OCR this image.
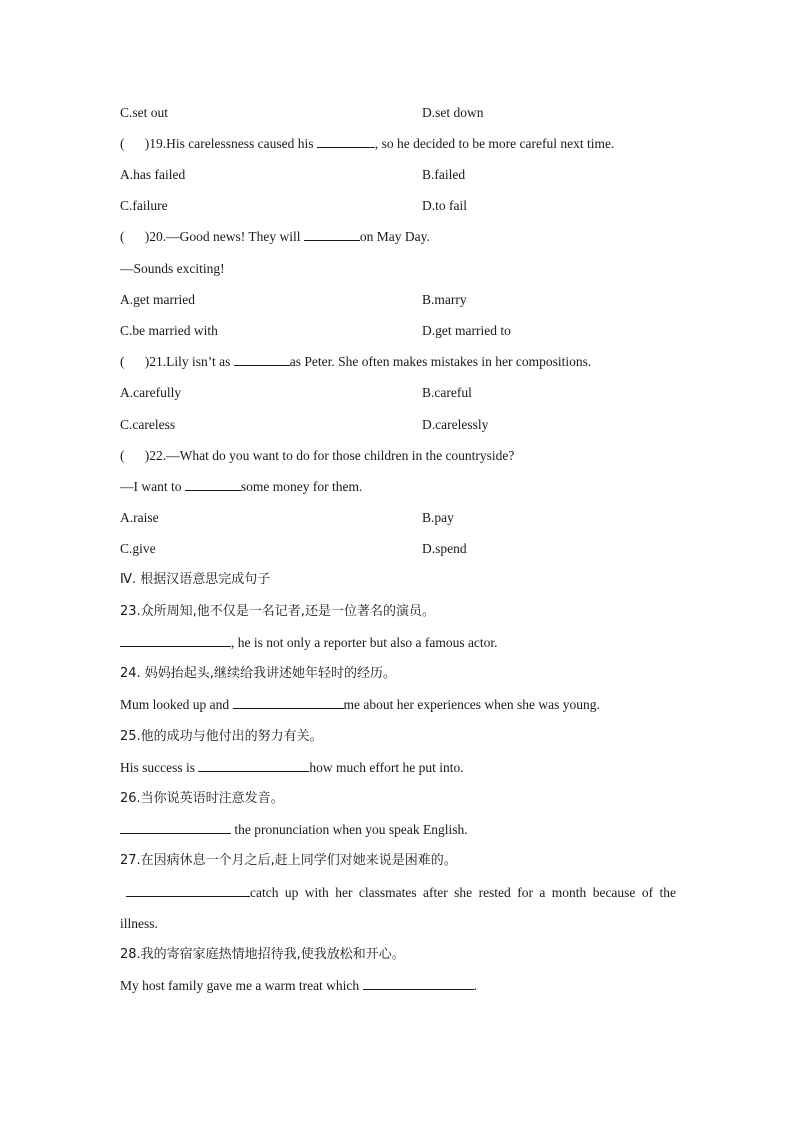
C.set out	D.set down
(      )19.His carelessness caused his	, so he decided to be more careful next time.
A.has failed	B.failed
C.failure	D.to fail
(      )20.—Good news! They will	on May Day.
—Sounds exciting!
A.get married	B.marry
C.be married with	D.get married to
(      )21.Lily isn’t as	as Peter. She often makes mistakes in her compositions.
A.carefully	B.careful
C.careless	D.carelessly
(      )22.—What do you want to do for those children in the countryside?
—I want to	some money for them.
A.raise	B.pay
C.give	D.spend
Ⅳ. 根据汉语意思完成句子
23.众所周知,他不仅是一名记者,还是一位著名的演员。
, he is not only a reporter but also a famous actor.
24. 妈妈抬起头,继续给我讲述她年轻时的经历。
Mum looked up and	me about her experiences when she was young.
25.他的成功与他付出的努力有关。
His success is	how much effort he put into.
26.当你说英语时注意发音。
the pronunciation when you speak English.
27.在因病休息一个月之后,赶上同学们对她来说是困难的。
catch up with her classmates after she rested for a month because of the
illness.
28.我的寄宿家庭热情地招待我,使我放松和开心。
My host family gave me a warm treat which	.
